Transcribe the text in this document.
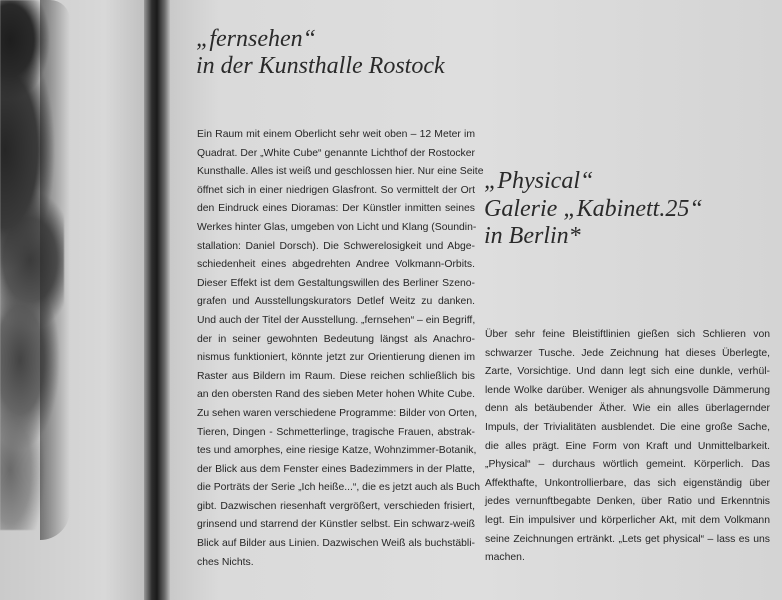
„fernsehen“
in der Kunsthalle Rostock
Ein Raum mit einem Oberlicht sehr weit oben – 12 Meter im
Quadrat. Der „White Cube“ genannte Lichthof der Rostocker
Kunsthalle. Alles ist weiß und geschlossen hier. Nur eine Seite
öffnet sich in einer niedrigen Glasfront. So vermittelt der Ort
den Eindruck eines Dioramas: Der Künstler inmitten seines
Werkes hinter Glas, umgeben von Licht und Klang (Soundin-
stallation: Daniel Dorsch). Die Schwerelosigkeit und Abge-
schiedenheit eines abgedrehten Andree Volkmann-Orbits.
Dieser Effekt ist dem Gestaltungswillen des Berliner Szeno-
grafen und Ausstellungskurators Detlef Weitz zu danken.
Und auch der Titel der Ausstellung. „fernsehen“ – ein Begriff,
der in seiner gewohnten Bedeutung längst als Anachro-
nismus funktioniert, könnte jetzt zur Orientierung dienen im
Raster aus Bildern im Raum. Diese reichen schließlich bis
an den obersten Rand des sieben Meter hohen White Cube.
Zu sehen waren verschiedene Programme: Bilder von Orten,
Tieren, Dingen - Schmetterlinge, tragische Frauen, abstrak-
tes und amorphes, eine riesige Katze, Wohnzimmer-Botanik,
der Blick aus dem Fenster eines Badezimmers in der Platte,
die Porträts der Serie „Ich heiße...“, die es jetzt auch als Buch
gibt. Dazwischen riesenhaft vergrößert, verschieden frisiert,
grinsend und starrend der Künstler selbst. Ein schwarz-weiß
Blick auf Bilder aus Linien. Dazwischen Weiß als buchstäbli-
ches Nichts.
„Physical“
Galerie „Kabinett.25“
in Berlin*
Über sehr feine Bleistiftlinien gießen sich Schlieren von
schwarzer Tusche. Jede Zeichnung hat dieses Überlegte,
Zarte, Vorsichtige. Und dann legt sich eine dunkle, verhül-
lende Wolke darüber. Weniger als ahnungsvolle Dämmerung
denn als betäubender Äther. Wie ein alles überlagernder
Impuls, der Trivialitäten ausblendet. Die eine große Sache,
die alles prägt. Eine Form von Kraft und Unmittelbarkeit.
„Physical“ – durchaus wörtlich gemeint. Körperlich. Das
Affekthafte, Unkontrollierbare, das sich eigenständig über
jedes vernunftbegabte Denken, über Ratio und Erkenntnis
legt. Ein impulsiver und körperlicher Akt, mit dem Volkmann
seine Zeichnungen ertränkt. „Lets get physical“ – lass es uns
machen.
